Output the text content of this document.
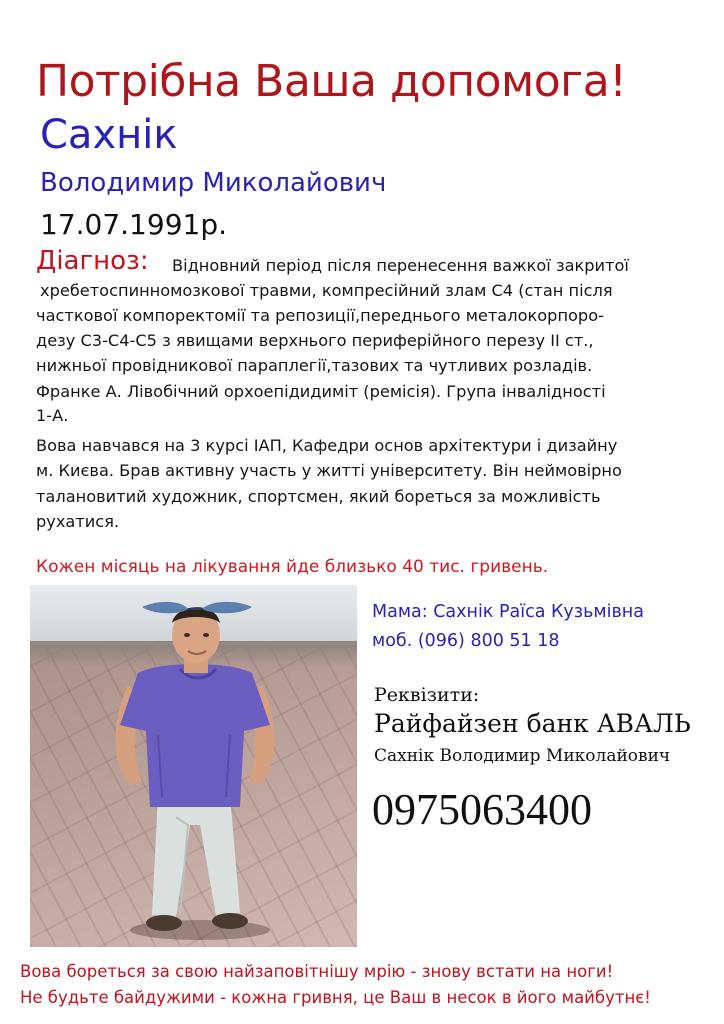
Потрібна Ваша допомога!
Сахнік
Володимир Миколайович
17.07.1991р.
Діагноз: Відновний період після перенесення важкої закритої
хребетоспинномозкової травми, компресійний злам С4 (стан після
часткової компоректомії та репозиції,переднього металокорпоро-
дезу С3-С4-С5 з явищами верхнього периферійного перезу ІІ ст.,
нижньої провідникової параплегії,тазових та чутливих розладів.
Франке А. Лівобічний орхоепідидиміт (ремісія). Група інвалідності
1-А.
Вова навчався на 3 курсі ІАП, Кафедри основ архітектури і дизайну
м. Києва. Брав активну участь у житті університету. Він неймовірно
талановитий художник, спортсмен, який бореться за можливість
рухатися.
Кожен місяць на лікування йде близько 40 тис. гривень.
Мама: Сахнік Раїса Кузьмівна
моб. (096) 800 51 18
Реквізити:
Райфайзен банк АВАЛЬ
Сахнік Володимир Миколайович
0975063400
Вова бореться за свою найзаповітнішу мрію - знову встати на ноги!
Не будьте байдужими - кожна гривня, це Ваш в несок в його майбутнє!
